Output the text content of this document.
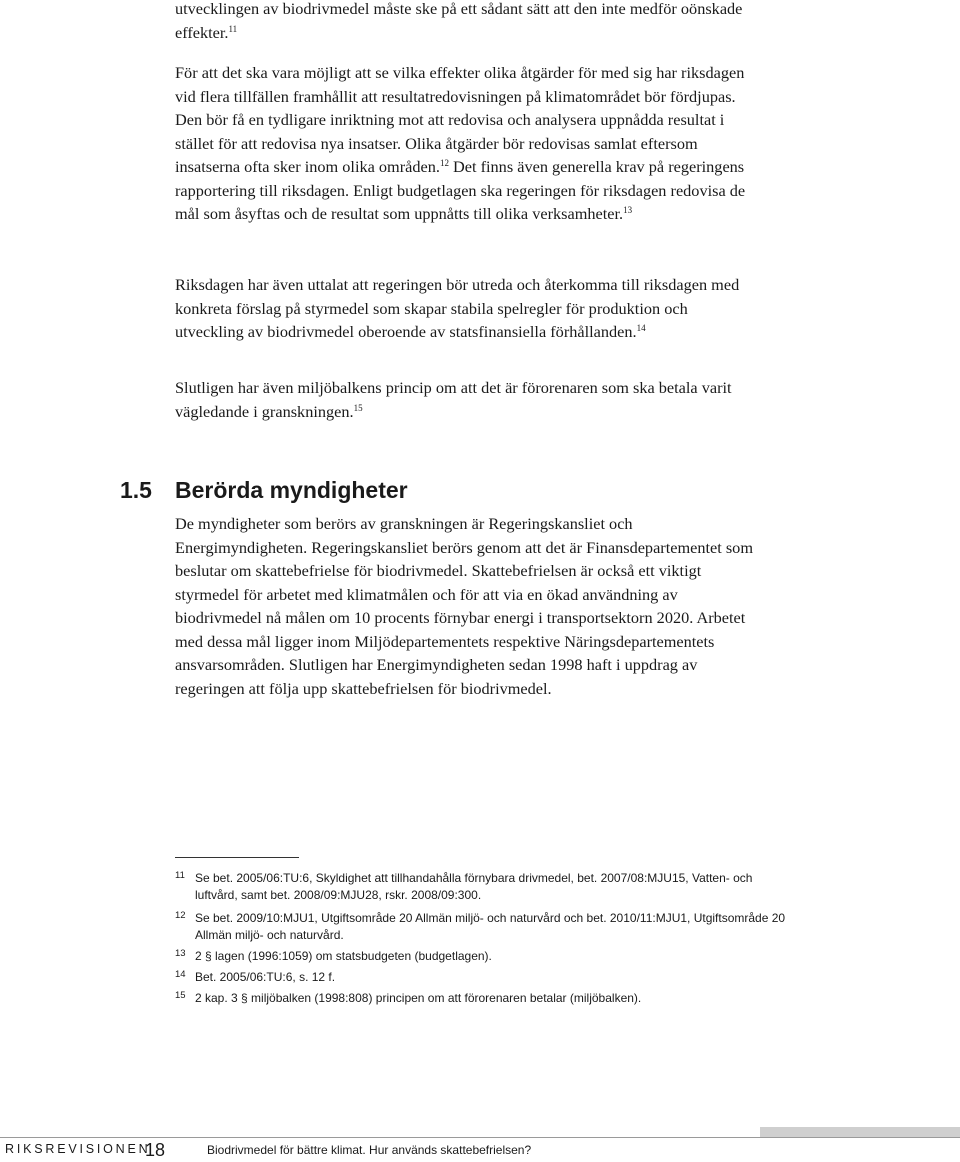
utvecklingen av biodrivmedel måste ske på ett sådant sätt att den inte medför oönskade effekter.$^{11}$

För att det ska vara möjligt att se vilka effekter olika åtgärder för med sig har riksdagen vid flera tillfällen framhållit att resultatredovisningen på klimatområdet bör fördjupas. Den bör få en tydligare inriktning mot att redovisa och analysera uppnådda resultat i stället för att redovisa nya insatser. Olika åtgärder bör redovisas samlat eftersom insatserna ofta sker inom olika områden.$^{12}$ Det finns även generella krav på regeringens rapportering till riksdagen. Enligt budgetlagen ska regeringen för riksdagen redovisa de mål som åsyftas och de resultat som uppnåtts till olika verksamheter.$^{13}$

Riksdagen har även uttalat att regeringen bör utreda och återkomma till riksdagen med konkreta förslag på styrmedel som skapar stabila spelregler för produktion och utveckling av biodrivmedel oberoende av statsfinansiella förhållanden.$^{14}$

Slutligen har även miljöbalkens princip om att det är förorenaren som ska betala varit vägledande i granskningen.$^{15}$

1.5 Berörda myndigheter

De myndigheter som berörs av granskningen är Regeringskansliet och Energimyndigheten. Regeringskansliet berörs genom att det är Finansdepartementet som beslutar om skattebefrielse för biodrivmedel. Skattebefrielsen är också ett viktigt styrmedel för arbetet med klimatmålen och för att via en ökad användning av biodrivmedel nå målen om 10 procents förnybar energi i transportsektorn 2020. Arbetet med dessa mål ligger inom Miljödepartementets respektive Näringsdepartementets ansvarsområden. Slutligen har Energimyndigheten sedan 1998 haft i uppdrag av regeringen att följa upp skattebefrielsen för biodrivmedel.

11 Se bet. 2005/06:TU:6, Skyldighet att tillhandahålla förnybara drivmedel, bet. 2007/08:MJU15, Vatten- och luftvård, samt bet. 2008/09:MJU28, rskr. 2008/09:300.
12 Se bet. 2009/10:MJU1, Utgiftsområde 20 Allmän miljö- och naturvård och bet. 2010/11:MJU1, Utgiftsområde 20 Allmän miljö- och naturvård.
13 2 § lagen (1996:1059) om statsbudgeten (budgetlagen).
14 Bet. 2005/06:TU:6, s. 12 f.
15 2 kap. 3 § miljöbalken (1998:808) principen om att förorenaren betalar (miljöbalken).
RIKSREVISIONEN
18	Biodrivmedel för bättre klimat. Hur används skattebefrielsen?
